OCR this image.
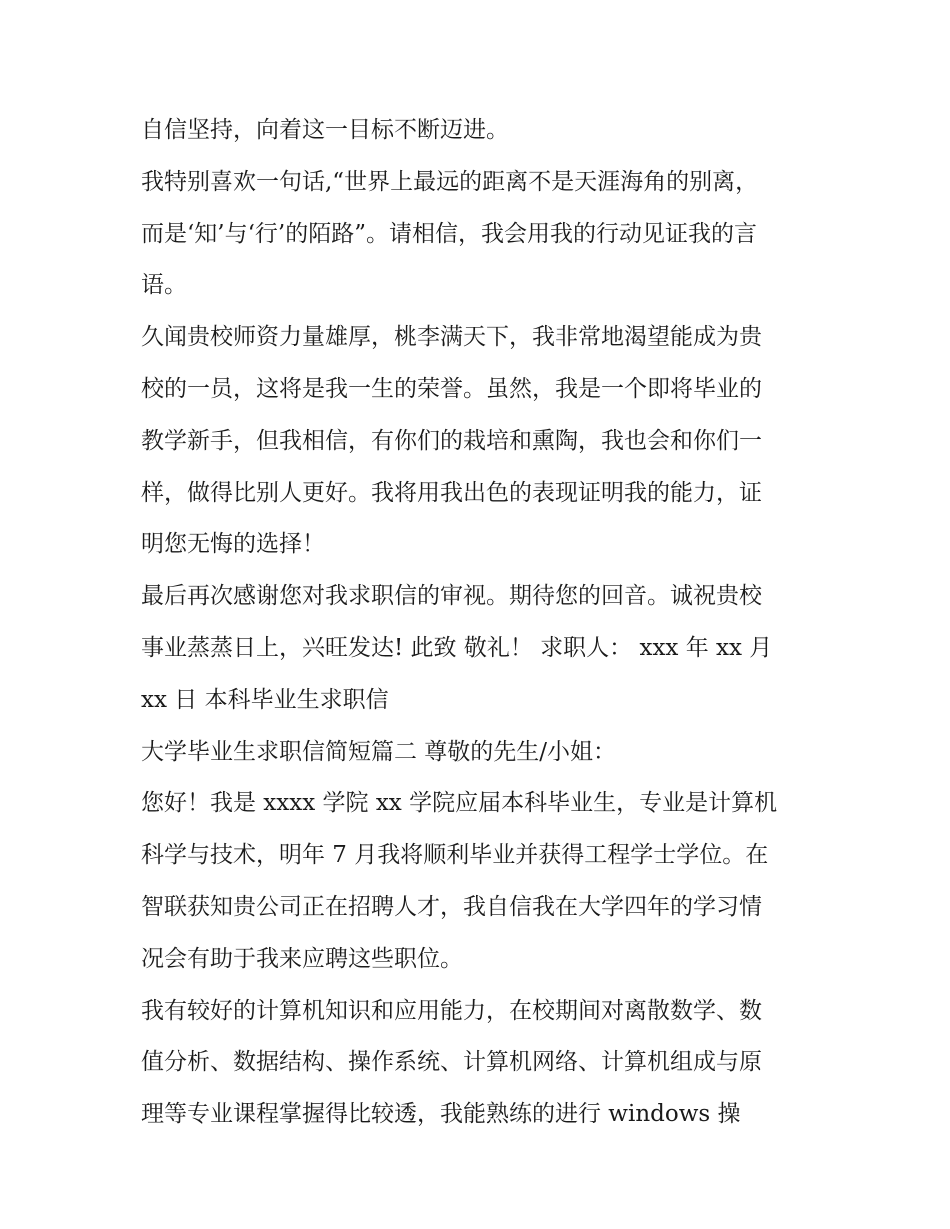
自信坚持，向着这一目标不断迈进。

我特别喜欢一句话,“世界上最远的距离不是天涯海角的别离，

而是‘知’与‘行’的陌路”。请相信，我会用我的行动见证我的言

语。

久闻贵校师资力量雄厚，桃李满天下，我非常地渴望能成为贵

校的一员，这将是我一生的荣誉。虽然，我是一个即将毕业的

教学新手，但我相信，有你们的栽培和熏陶，我也会和你们一

样，做得比别人更好。我将用我出色的表现证明我的能力，证

明您无悔的选择！

最后再次感谢您对我求职信的审视。期待您的回音。诚祝贵校

事业蒸蒸日上，兴旺发达! 此致 敬礼！ 求职人： xxx 年 xx 月

xx 日 本科毕业生求职信

大学毕业生求职信简短篇二 尊敬的先生/小姐：

您好！我是 xxxx 学院 xx 学院应届本科毕业生，专业是计算机

科学与技术，明年 7 月我将顺利毕业并获得工程学士学位。在

智联获知贵公司正在招聘人才，我自信我在大学四年的学习情

况会有助于我来应聘这些职位。

我有较好的计算机知识和应用能力，在校期间对离散数学、数

值分析、数据结构、操作系统、计算机网络、计算机组成与原

理等专业课程掌握得比较透，我能熟练的进行 windows 操
